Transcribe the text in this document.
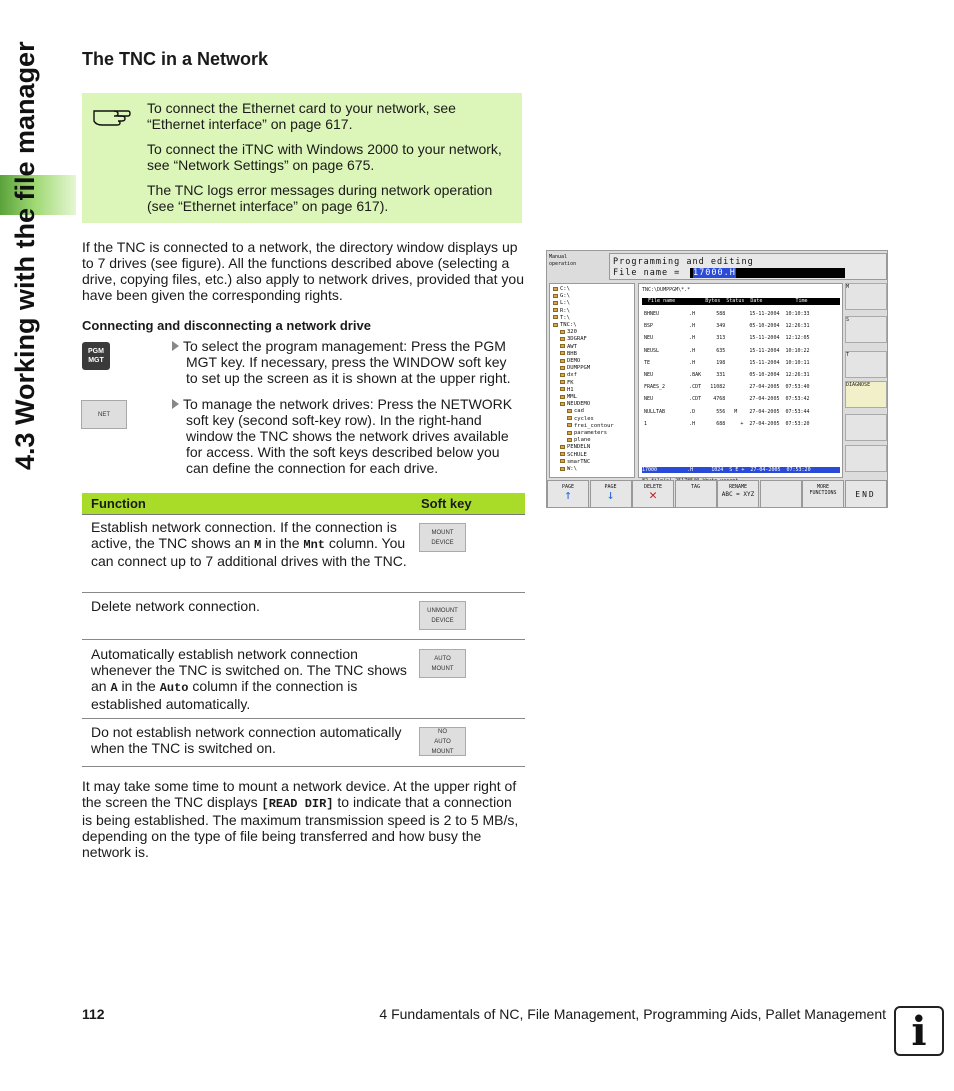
4.3 Working with the file manager The TNC in a Network

To connect the Ethernet card to your network, see “Ethernet interface” on page 617.

To connect the iTNC with Windows 2000 to your network, see “Network Settings” on page 675.

The TNC logs error messages during network operation (see “Ethernet interface” on page 617).

If the TNC is connected to a network, the directory window displays up to 7 drives (see figure). All the functions described above (selecting a drive, copying files, etc.) also apply to network drives, provided that you have been given the corresponding rights.

Connecting and disconnecting a network drive
PGM
MGT
To select the program management: Press the PGM
MGT key. If necessary, press the WINDOW soft key
to set up the screen as it is shown at the upper right.
NET
To manage the network drives: Press the NETWORK
soft key (second soft-key row). In the right-hand
window the TNC shows the network drives available
for access. With the soft keys described below you
can define the connection for each drive.
Function	Soft key
Establish network connection. If the connection is active, the TNC shows an M in the Mnt column. You can connect up to 7 additional drives with the TNC.
MOUNT
DEVICE
Delete network connection.	UNMOUNT
DEVICE
Automatically establish network connection whenever the TNC is switched on. The TNC shows an A in the Auto column if the connection is established automatically.
AUTO
MOUNT
Do not establish network connection automatically when the TNC is switched on.
NO
AUTO
MOUNT

It may take some time to mount a network device. At the upper right of the screen the TNC displays [READ DIR] to indicate that a connection is being established. The maximum transmission speed is 2 to 5 MB/s, depending on the type of file being transferred and how busy the network is.

Manual
operation	Programming and editing
File name =	17000.H
C:\
G:\
L:\
R:\
T:\
TNC:\
320
3DGRAF
AWT
BHB
DEMO
DUMPPGM
dxf
FK
H1
MML
NEUDEMO
cad
cycles
frei_contour
parameters
plane
PENDELN
SCHULE
smarTNC
W:\
TNC:\DUMPPGM\*.*
File name          Bytes  Status  Date           Time
BHNEU          .H       588        15-11-2004  10:10:33
BSP            .H       349        05-10-2004  12:26:31
NEU            .H       313        15-11-2004  12:12:05
NEUSL          .H       635        15-11-2004  10:10:22
TE             .H       198        15-11-2004  10:10:11
NEU            .BAK     331        05-10-2004  12:26:31
FRAES_2        .CDT   11082        27-04-2005  07:53:40
NEU            .CDT    4768        27-04-2005  07:53:42
NULLTAB        .D       556   M    27-04-2005  07:53:44
1              .H       688     +  27-04-2005  07:53:20
17000          .H      1024  S E +  27-04-2005  07:53:20
M
S
T
DIAGNOSE
PAGE
↑
PAGE
↓
DELETE
✕
TAG	RENAME
ABC = XYZ
MORE
FUNCTIONS	END
112	4 Fundamentals of NC, File Management, Programming Aids, Pallet Management i
